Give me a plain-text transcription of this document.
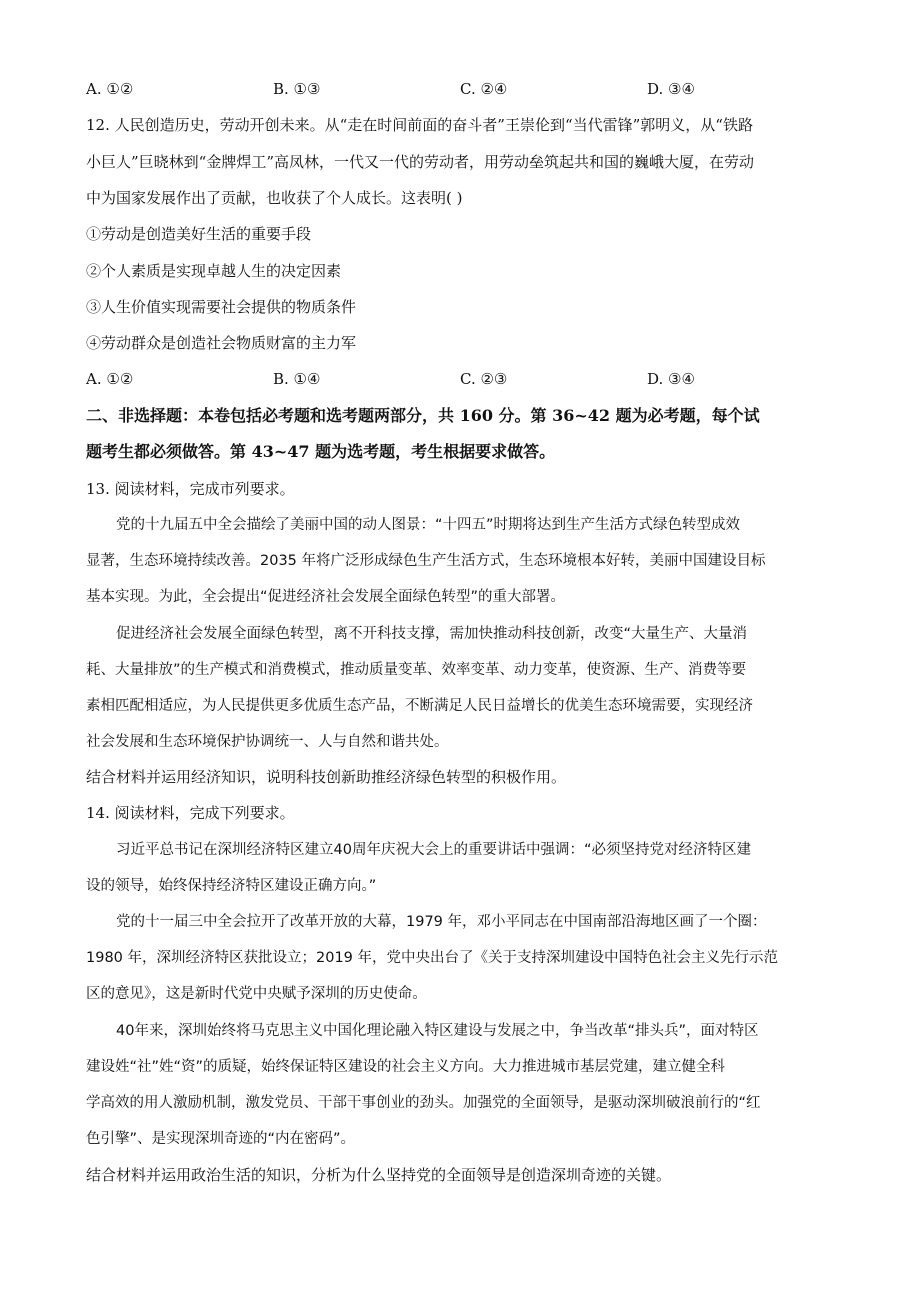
A. ①②	B. ①③	C. ②④	D. ③④
12. 人民创造历史，劳动开创未来。从“走在时间前面的奋斗者”王崇伦到“当代雷锋”郭明义，从“铁路
小巨人”巨晓林到“金牌焊工”高凤林，一代又一代的劳动者，用劳动垒筑起共和国的巍峨大厦，在劳动
中为国家发展作出了贡献，也收获了个人成长。这表明( )
①劳动是创造美好生活的重要手段
②个人素质是实现卓越人生的决定因素
③人生价值实现需要社会提供的物质条件
④劳动群众是创造社会物质财富的主力军
A. ①②	B. ①④	C. ②③	D. ③④
二、非选择题：本卷包括必考题和选考题两部分，共 160 分。第 36~42 题为必考题，每个试
题考生都必须做答。第 43~47 题为选考题，考生根据要求做答。
13. 阅读材料，完成市列要求。
党的十九届五中全会描绘了美丽中国的动人图景：“十四五”时期将达到生产生活方式绿色转型成效
显著，生态环境持续改善。2035 年将广泛形成绿色生产生活方式，生态环境根本好转，美丽中国建设目标
基本实现。为此，全会提出“促进经济社会发展全面绿色转型”的重大部署。
促进经济社会发展全面绿色转型，离不开科技支撑，需加快推动科技创新，改变“大量生产、大量消
耗、大量排放”的生产模式和消费模式，推动质量变革、效率变革、动力变革，使资源、生产、消费等要
素相匹配相适应，为人民提供更多优质生态产品，不断满足人民日益增长的优美生态环境需要，实现经济
社会发展和生态环境保护协调统一、人与自然和谐共处。
结合材料并运用经济知识，说明科技创新助推经济绿色转型的积极作用。
14. 阅读材料，完成下列要求。
习近平总书记在深圳经济特区建立40周年庆祝大会上的重要讲话中强调：“必须坚持党对经济特区建
设的领导，始终保持经济特区建设正确方向。”
党的十一届三中全会拉开了改革开放的大幕，1979 年，邓小平同志在中国南部沿海地区画了一个圈：
1980 年，深圳经济特区获批设立；2019 年，党中央出台了《关于支持深圳建设中国特色社会主义先行示范
区的意见》，这是新时代党中央赋予深圳的历史使命。
40年来，深圳始终将马克思主义中国化理论融入特区建设与发展之中，争当改革“排头兵”，面对特区
建设姓“社”姓“资”的质疑，始终保证特区建设的社会主义方向。大力推进城市基层党建，建立健全科
学高效的用人激励机制，激发党员、干部干事创业的劲头。加强党的全面领导，是驱动深圳破浪前行的“红
色引擎”、是实现深圳奇迹的“内在密码”。
结合材料并运用政治生活的知识，分析为什么坚持党的全面领导是创造深圳奇迹的关键。
